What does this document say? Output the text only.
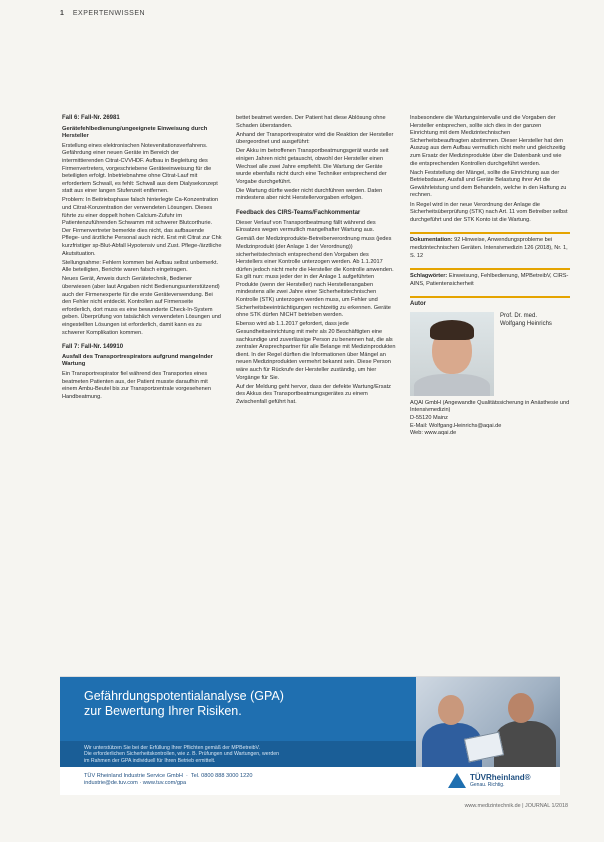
1 EXPERTENWISSEN
Fall 6: Fall-Nr. 26981
Gerätefehlbedienung/ungeeignete Einweisung durch Hersteller

Erstellung eines elektronischen Notevenitationsverfahrens. Gefährdung einer neuen Geräte im Bereich der intermittierenden Citrat-CVVHDF. Aufbau in Begleitung des Firmenvertreters, vorgeschriebene Geräteeinweisung für die beteiligten erfolgt. Inbetriebnahme ohne Citrat-Lauf mit erfordertem Schwall, es fehlt: Schwall aus dem Dialysekonzept statt aus einer langen Stufenzeit entfernen.

Problem: In Beitriebsphase falsch hinterlegte Ca-Konzentration und Citrat-Konzentration der verwendeten Lösungen. Dieses führte zu einer doppelt hohen Calcium-Zufuhr im Patientenzuführenden Schwamm mit schwerer Blutcorthurie. Der Firmenvertreter bemerkte dies nicht, das aufbauende Pflege- und ärztliche Personal auch nicht. Erst mit Citrat zur Chk kurzfristiger sp-Blut-Abfall Hypotensiv und Zust. Pflege-/ärztliche Akutsituation.

Stellungnahme: Fehlern kommen bei Aufbau selbst unbemerkt. Alle beteiligten, Berichte waren falsch eingetragen.

Neues Gerät, Anweis durch Gerätetechnik, Bediener überwiesen (aber laut Angaben nicht Bedienungsunterstützend) auch der Firmenexperte für die erste Geräteverwendung. Bei den Fehler nicht entdeckt. Kontrollen auf Firmenseite erforderlich, dort muss es eine bewunderte Check-In-System geben. Überprüfung von tatsächlich verwendeten Lösungen und eingestellten Lösungen ist erforderlich, damit kann es zu schwerer Komplikation kommen.

Fall 7: Fall-Nr. 149910
Ausfall des Transportrespirators aufgrund mangelnder Wartung

Ein Transportrespirator fiel während des Transportes eines beatmeten Patienten aus, der Patient musste daraufhin mit einem Ambu-Beutel bis zur Transportzentrale vorgesehenen Handbeatmung.

bettet beatmet werden. Der Patient hat diese Ablösung ohne Schaden überstanden.

Anhand der Transportrespirator wird die Reaktion der Hersteller übergeordnet und ausgeführt:

Der Akku im betroffenen Transportbeatmungsgerät wurde seit einigen Jahren nicht getauscht, obwohl der Hersteller einen Wechsel alle zwei Jahre empfiehlt. Die Wartung der Geräte wurde ebenfalls nicht durch eine Techniker entsprechend der Vorgabe durchgeführt.

Die Wartung dürfte weder nicht durchführen werden. Daten mindestens aber nicht Herstellervorgaben erfolgen.

Feedback des CIRS-Teams/Fachkommentar

Dieser Verlauf von Transportbeatmung fällt während des Einsatzes wegen vermutlich mangelhafter Wartung aus.

Gemäß der Medizinprodukte-Betreiberverordnung muss (jedes Medizinprodukt (der Anlage 1 der Verordnung)) sicherheitstechnisch entsprechend den Vorgaben des Herstellers einer Kontrolle unterzogen werden. Ab 1.1.2017 dürfen jedoch nicht mehr die Hersteller die Kontrolle anwenden. Es gilt nun: muss jeder der in der Anlage 1 aufgeführten Produkte (wenn der Hersteller) nach Herstellerangaben mindestens alle zwei Jahre einer Sicherheitstechnischen Kontrolle (STK) unterzogen werden muss, um Fehler und Sicherheitsbeeinträchtigungen rechtzeitig zu erkennen. Geräte ohne STK dürfen NICHT betrieben werden.

Ebenso wird ab 1.1.2017 gefordert, dass jede Gesundheitseinrichtung mit mehr als 20 Beschäftigten eine sachkundige und zuverlässige Person zu benennen hat, die als zentraler Ansprechpartner für alle Belange mit Medizinprodukten dient. In der Regel dürften die Informationen über Mängel an neuen Medizinprodukten vermehrt bekannt sein. Diese Person wäre auch für Rückrufe der Hersteller zuständig, um hier Vorgänge für Sie.

Auf der Meldung geht hervor, dass der defekte Wartung/Ersatz des Akkus des Transportbeatmungsgerätes zu einem Zwischenfall geführt hat.

Insbesondere die Wartungsintervalle und die Vorgaben der Hersteller entsprechen, sollte sich dies in der ganzen Einrichtung mit dem Medizintechnischen Sicherheitsbeauftragten abstimmen. Dieser Hersteller hat den Auszug aus dem Aufbau vermutlich nicht mehr und gleichzeitig zum Ersatz der Medizinprodukte über die Datenbank und wie die entsprechenden Kontrollen durchgeführt werden.

Nach Feststellung der Mängel, sollte die Einrichtung aus der Betriebsdauer, Ausfall und Geräte Belastung ihrer Art die Gewährleistung und dem Behandeln, welche in den Haftung zu rechnen.

In Regel wird in der neue Verordnung der Anlage die Sicherheitsüberprüfung (STK) nach Art. 11 vom Betreiber selbst durchgeführt und der STK Konto ist die Wartung.

Dokumentation: 92 Hinweise, Anwendungsprobleme bei medizintechnischen Geräten. Intensivmedizin 126 (2018), Nr. 1, S. 12
Schlagwörter: Einweisung, Fehlbedienung, MPBetreibV, CIRS-AINS, Patientensicherheit
Autor
Prof. Dr. med.
Wolfgang Heinrichs
AQAI GmbH (Angewandte Qualitätssicherung in Anästhesie und Intensivmedizin)
D-55120 Mainz
E-Mail: Wolfgang.Heinrichs@aqai.de
Web: www.aqai.de
Gefährdungspotentialanalyse (GPA)
zur Bewertung Ihrer Risiken.
Wir unterstützen Sie bei der Erfüllung Ihrer Pflichten gemäß der MPBetreibV.
Die erforderlichen Sicherheitskontrollen, wie z. B. Prüfungen und Wartungen, werden
im Rahmen der GPA individuell für Ihren Betrieb ermittelt.
TÜV Rheinland Industrie Service GmbH  ·  Tel. 0800 888 3000 1220
industrie@de.tuv.com · www.tuv.com/gpa
TÜVRheinland®
Genau. Richtig.
www.medizintechnik.de | JOURNAL 1/2018
